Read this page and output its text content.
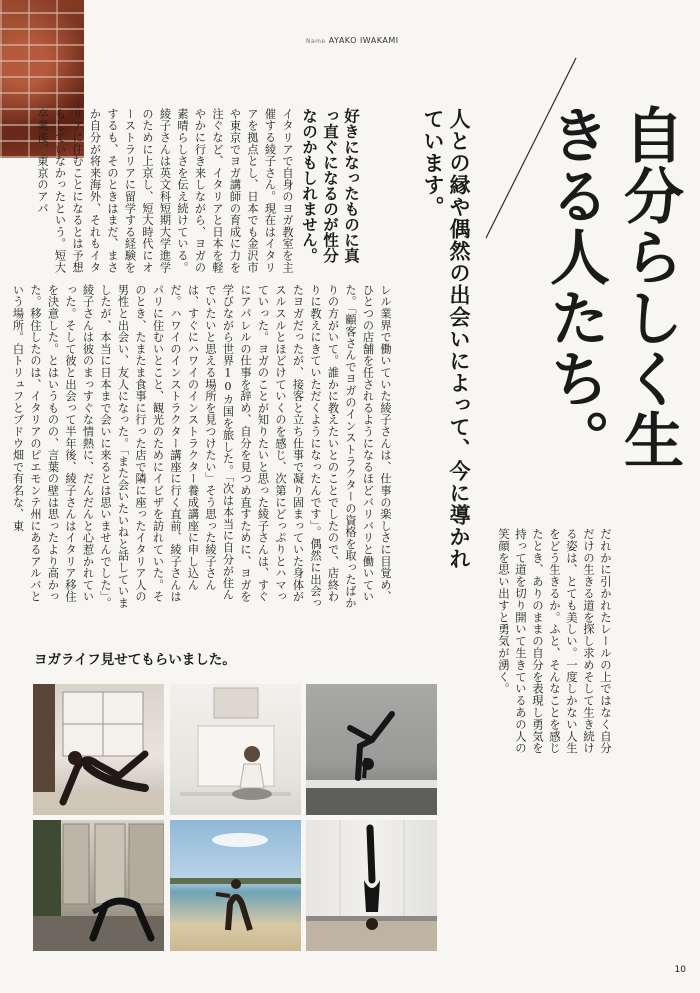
Name AYAKO IWAKAMI
自分らしく生きる人たち。
人との縁や偶然の出会いによって、今に導かれています。
好きになったものに真っ直ぐになるのが性分なのかもしれません。
イタリアで自身のヨガ教室を主催する綾子さん。現在はイタリアを拠点とし、日本でも金沢市や東京でヨガ講師の育成に力を注ぐなど、イタリアと日本を軽やかに行き来しながら、ヨガの素晴らしさを伝え続けている。綾子さんは英文科短期大学進学のために上京し、短大時代にオーストラリアに留学する経験をするも、そのときはまだ、まさか自分が将来海外、それもイタリアに住むことになるとは予想もしていなかったという。短大卒業後、東京のアパ
レル業界で働いていた綾子さんは、仕事の楽しさに目覚め、ひとつの店舗を任されるようになるほどバリバリと働いていた。「顧客さんでヨガのインストラクターの資格を取ったばかりの方がいて。誰かに教えたいとのことでしたので、店終わりに教えにきていただくようになったんです」。偶然に出会ったヨガだったが、接客と立ち仕事で凝り固まっていた身体がスルスルとほどけていくのを感じ、次第にどっぷりとハマっていった。ヨガのことが知りたいと思った綾子さんは、すぐにアパレルの仕事を辞め、自分を見つめ直すために、ヨガを学びながら世界10カ国を旅した。「次は本当に自分が住んでいたいと思える場所を見つけたい」そう思った綾子さんは、すぐにハワイのインストラクター養成講座に申し込んだ。ハワイのインストラクター講座に行く直前、綾子さんはパリに住むいとこと、観光のためにイビザを訪れていた。そのとき、たまたま食事に行った店で隣に座ったイタリア人の男性と出会い、友人になった。「また会いたいねと話していましたが、本当に日本まで会いに来るとは思いませんでした」。綾子さんは彼のまっすぐな情熱に、だんだんと心惹かれていった。そして彼と出会って半年後、綾子さんはイタリア移住を決意した。とはいうものの、言葉の壁は思ったより高かった。移住したのは、イタリアのピエモンテ州にあるアルバという場所。白トリュフとブドウ畑で有名な、東
だれかに引かれたレールの上ではなく自分だけの生きる道を探し求めそして生き続ける姿は、とても美しい。一度しかない人生をどう生きるか。ふと、そんなことを感じたとき、ありのままの自分を表現し勇気を持って道を切り開いて生きているあの人の笑顔を思い出すと勇気が湧く。
ヨガライフ見せてもらいました。
10
